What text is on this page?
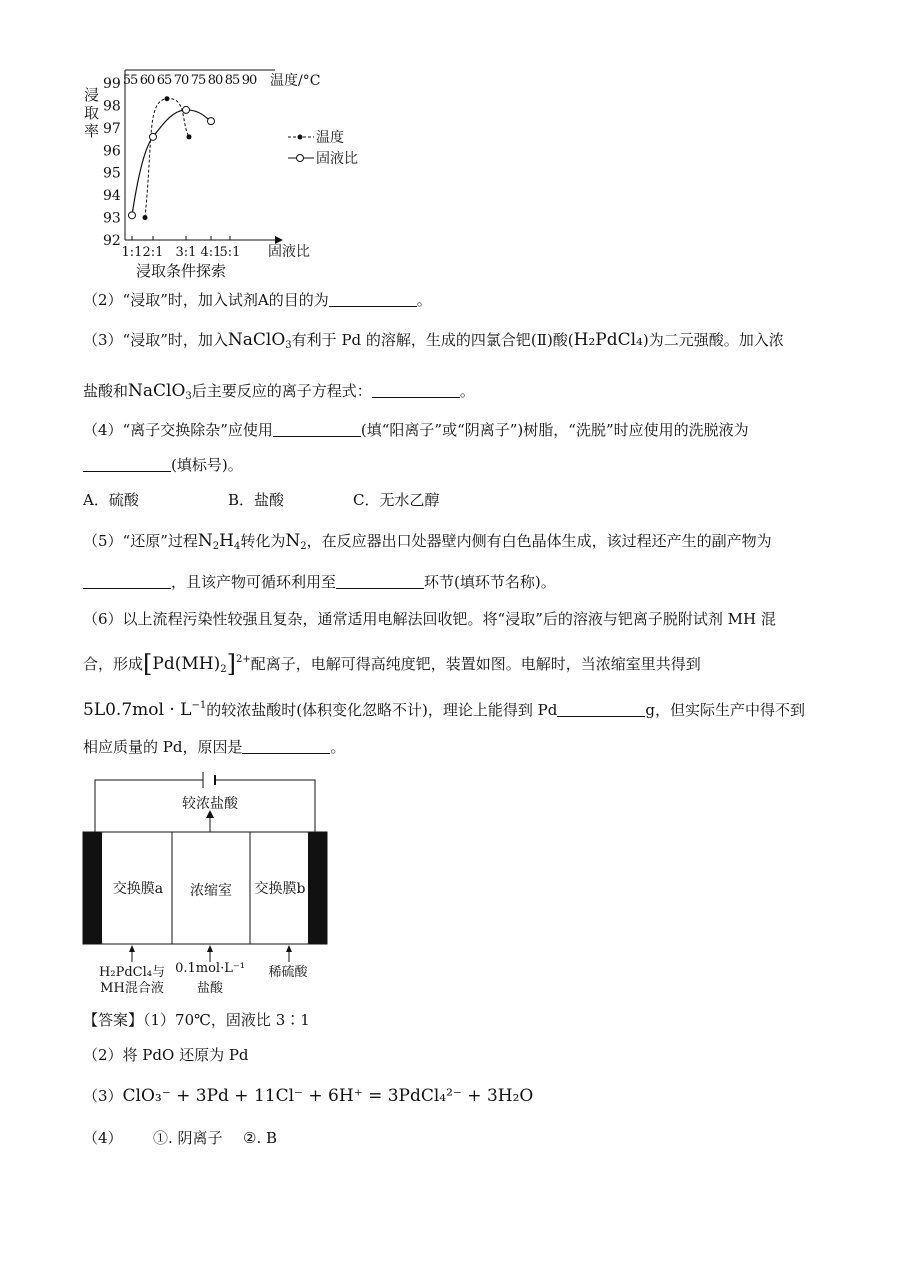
99
98
97
96
95
94
93
92
55 60 65 70 75 80 85 90 温度/°C
1:1 2:1 3:1 4:1
5:1 固液比
浸取条件探索
浸
取
率	温度
固液比
（2）“浸取”时，加入试剂A的目的为	。
（3）“浸取”时，加入NaClO$_3$有利于 Pd 的溶解，生成的四氯合钯(Ⅱ)酸(H₂PdCl₄)为二元强酸。加入浓
盐酸和NaClO$_3$后主要反应的离子方程式：	。
（4）“离子交换除杂”应使用	(填“阳离子”或“阴离子”)树脂，“洗脱”时应使用的洗脱液为
(填标号)。
A．硫酸	B．盐酸	C．无水乙醇
（5）“还原”过程$N_2H_4$转化为$N_2$，在反应器出口处器壁内侧有白色晶体生成，该过程还产生的副产物为
，且该产物可循环利用至	环节(填环节名称)。
（6）以上流程污染性较强且复杂，通常适用电解法回收钯。将“浸取”后的溶液与钯离子脱附试剂 MH 混
合，形成$[Pd(MH)_2]^{2+}$配离子，电解可得高纯度钯，装置如图。电解时，当浓缩室里共得到
$5L0.7mol \cdot L^{-1}$的较浓盐酸时(体积变化忽略不计)，理论上能得到 Pd	g，但实际生产中得不到
相应质量的 Pd，原因是	。
较浓盐酸
交换膜a	浓缩室	交换膜b
H₂PdCl₄与
MH混合液
0.1mol·L⁻¹
盐酸
稀硫酸
【答案】（1）70℃，固液比 3∶1
（2）将 PdO 还原为 Pd
（3）ClO₃⁻ + 3Pd + 11Cl⁻ + 6H⁺ = 3PdCl₄²⁻ + 3H₂O
（4） ①. 阴离子 ②. B
